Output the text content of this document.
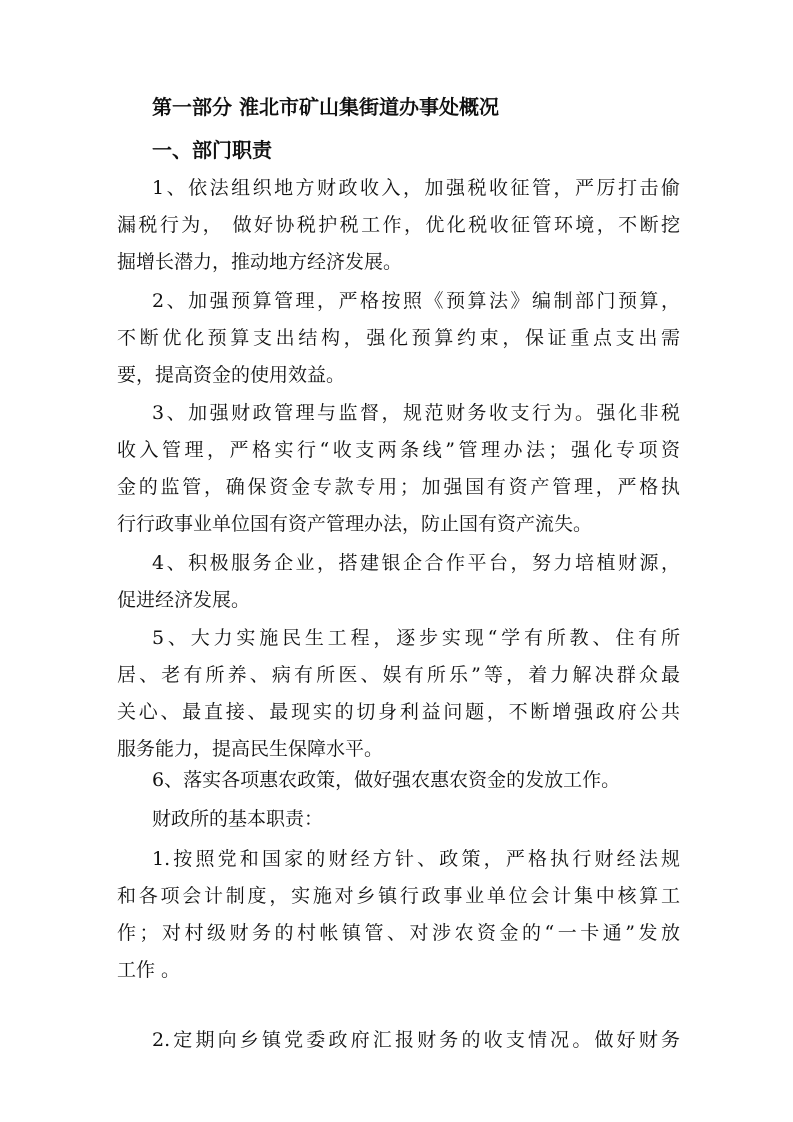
第一部分 淮北市矿山集街道办事处概况
一、部门职责
1、依法组织地方财政收入，加强税收征管，严厉打击偷
漏税行为， 做好协税护税工作，优化税收征管环境，不断挖
掘增长潜力，推动地方经济发展。
2、加强预算管理，严格按照《预算法》编制部门预算，
不断优化预算支出结构，强化预算约束，保证重点支出需
要，提高资金的使用效益。
3、加强财政管理与监督，规范财务收支行为。强化非税
收入管理，严格实行“收支两条线”管理办法；强化专项资
金的监管，确保资金专款专用；加强国有资产管理，严格执
行行政事业单位国有资产管理办法，防止国有资产流失。
4、积极服务企业，搭建银企合作平台，努力培植财源，
促进经济发展。
5、大力实施民生工程，逐步实现“学有所教、住有所
居、老有所养、病有所医、娱有所乐”等，着力解决群众最
关心、最直接、最现实的切身利益问题，不断增强政府公共
服务能力，提高民生保障水平。
6、落实各项惠农政策，做好强农惠农资金的发放工作。
财政所的基本职责：
1.按照党和国家的财经方针、政策，严格执行财经法规
和各项会计制度，实施对乡镇行政事业单位会计集中核算工
作；对村级财务的村帐镇管、对涉农资金的“一卡通”发放
工作 。
2.定期向乡镇党委政府汇报财务的收支情况。做好财务
